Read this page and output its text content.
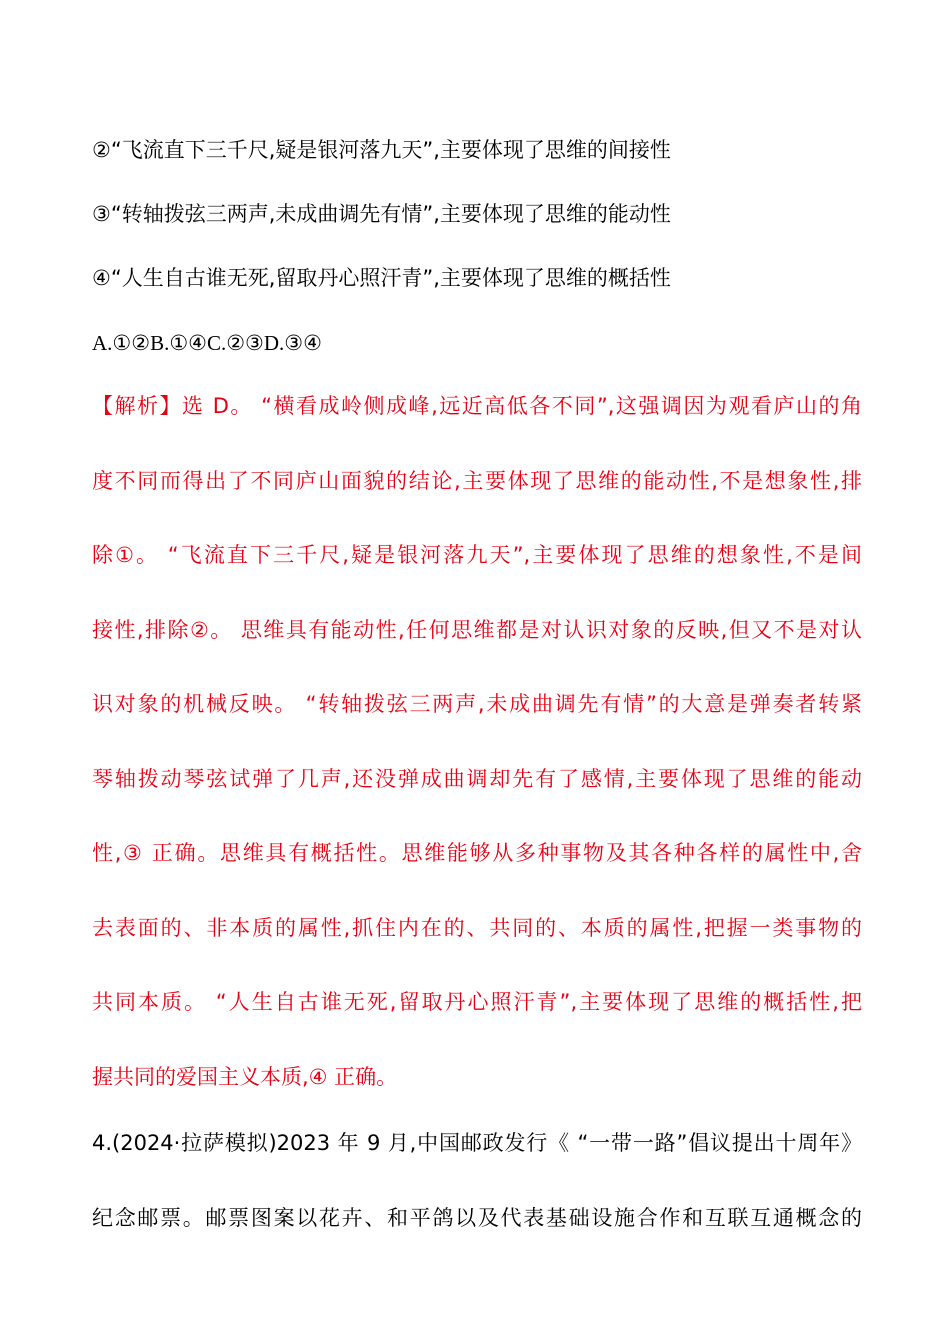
②“飞流直下三千尺,疑是银河落九天”,主要体现了思维的间接性
③“转轴拨弦三两声,未成曲调先有情”,主要体现了思维的能动性
④“人生自古谁无死,留取丹心照汗青”,主要体现了思维的概括性
A.①②B.①④C.②③D.③④
【解析】选 D。 “横看成岭侧成峰,远近高低各不同”,这强调因为观看庐山的角
度不同而得出了不同庐山面貌的结论,主要体现了思维的能动性,不是想象性,排
除①。 “飞流直下三千尺,疑是银河落九天”,主要体现了思维的想象性,不是间
接性,排除②。 思维具有能动性,任何思维都是对认识对象的反映,但又不是对认
识对象的机械反映。 “转轴拨弦三两声,未成曲调先有情”的大意是弹奏者转紧
琴轴拨动琴弦试弹了几声,还没弹成曲调却先有了感情,主要体现了思维的能动
性,③ 正确。思维具有概括性。思维能够从多种事物及其各种各样的属性中,舍
去表面的、非本质的属性,抓住内在的、共同的、本质的属性,把握一类事物的
共同本质。 “人生自古谁无死,留取丹心照汗青”,主要体现了思维的概括性,把
握共同的爱国主义本质,④ 正确。
4.(2024·拉萨模拟)2023 年 9 月,中国邮政发行《 “一带一路”倡议提出十周年》
纪念邮票。邮票图案以花卉、和平鸽以及代表基础设施合作和互联互通概念的
